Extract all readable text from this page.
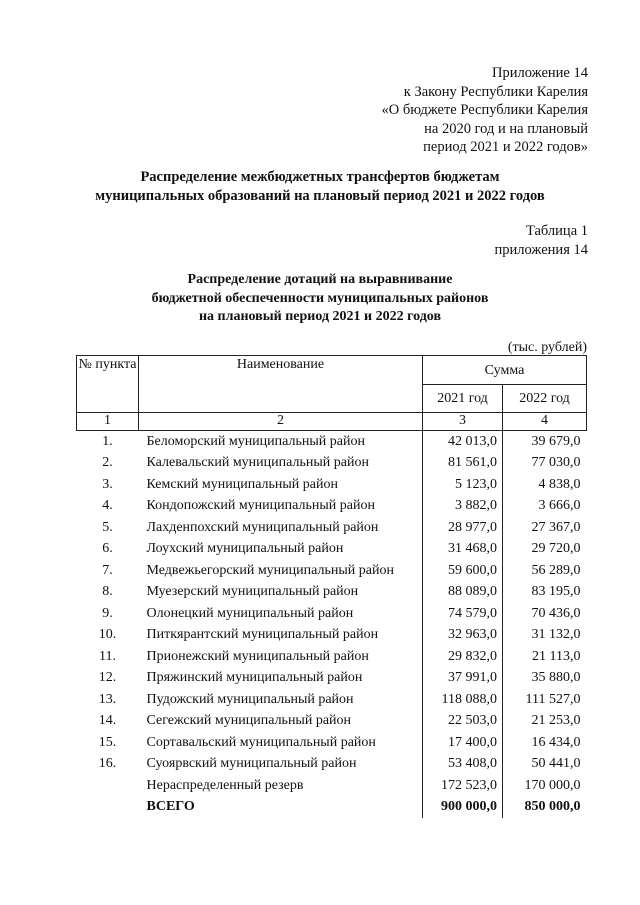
Приложение 14
к Закону Республики Карелия
«О бюджете Республики Карелия
на 2020 год и на плановый
период 2021 и 2022 годов»
Распределение межбюджетных трансфертов бюджетам
муниципальных образований на плановый период 2021 и 2022 годов
Таблица 1
приложения 14
Распределение дотаций на выравнивание
бюджетной обеспеченности муниципальных районов
на плановый период 2021 и 2022 годов
(тыс. рублей)
№ пункта	Наименование	Сумма	
		2021 год	2022 год
1	2	3	4
1.	Беломорский муниципальный район	42 013,0	39 679,0
2.	Калевальский муниципальный район	81 561,0	77 030,0
3.	Кемский муниципальный район	5 123,0	4 838,0
4.	Кондопожский муниципальный район	3 882,0	3 666,0
5.	Лахденпохский муниципальный район	28 977,0	27 367,0
6.	Лоухский муниципальный район	31 468,0	29 720,0
7.	Медвежьегорский муниципальный район	59 600,0	56 289,0
8.	Муезерский муниципальный район	88 089,0	83 195,0
9.	Олонецкий муниципальный район	74 579,0	70 436,0
10.	Питкярантский муниципальный район	32 963,0	31 132,0
11.	Прионежский муниципальный район	29 832,0	21 113,0
12.	Пряжинский муниципальный район	37 991,0	35 880,0
13.	Пудожский муниципальный район	118 088,0	111 527,0
14.	Сегежский муниципальный район	22 503,0	21 253,0
15.	Сортавальский муниципальный район	17 400,0	16 434,0
16.	Суоярвский муниципальный район	53 408,0	50 441,0
	Нераспределенный резерв	172 523,0	170 000,0
	ВСЕГО	900 000,0	850 000,0
